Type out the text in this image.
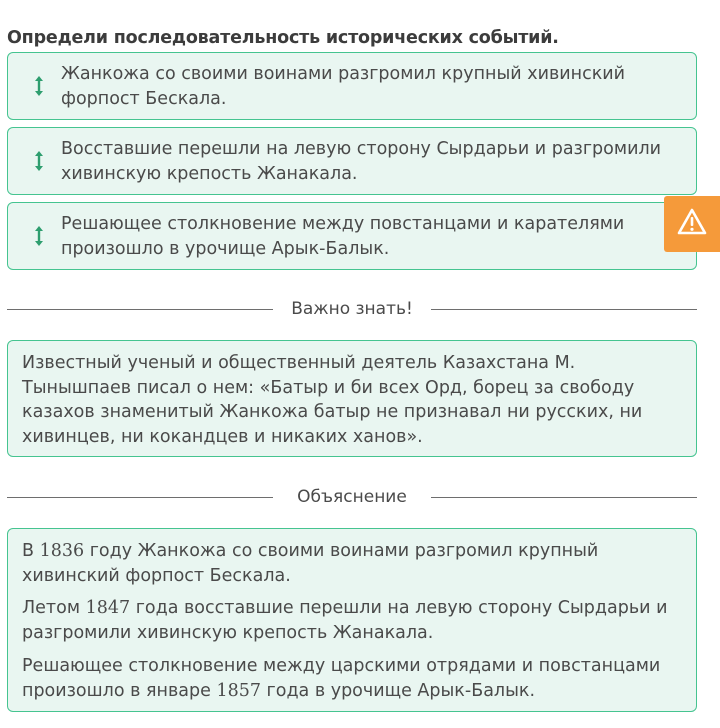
Определи последовательность исторических событий.
Жанкожа со своими воинами разгромил крупный хивинский форпост Бескала.
Восставшие перешли на левую сторону Сырдарьи и разгромили хивинскую крепость Жанакала.
Решающее столкновение между повстанцами и карателями произошло в урочище Арык-Балык.
Важно знать!
Известный ученый и общественный деятель Казахстана М. Тынышпаев писал о нем: «Батыр и би всех Орд, борец за свободу казахов знаменитый Жанкожа батыр не признавал ни русских, ни хивинцев, ни кокандцев и никаких ханов».
Объяснение
В 1836 году Жанкожа со своими воинами разгромил крупный хивинский форпост Бескала.
Летом 1847 года восставшие перешли на левую сторону Сырдарьи и разгромили хивинскую крепость Жанакала.
Решающее столкновение между царскими отрядами и повстанцами произошло в январе 1857 года в урочище Арык-Балык.
